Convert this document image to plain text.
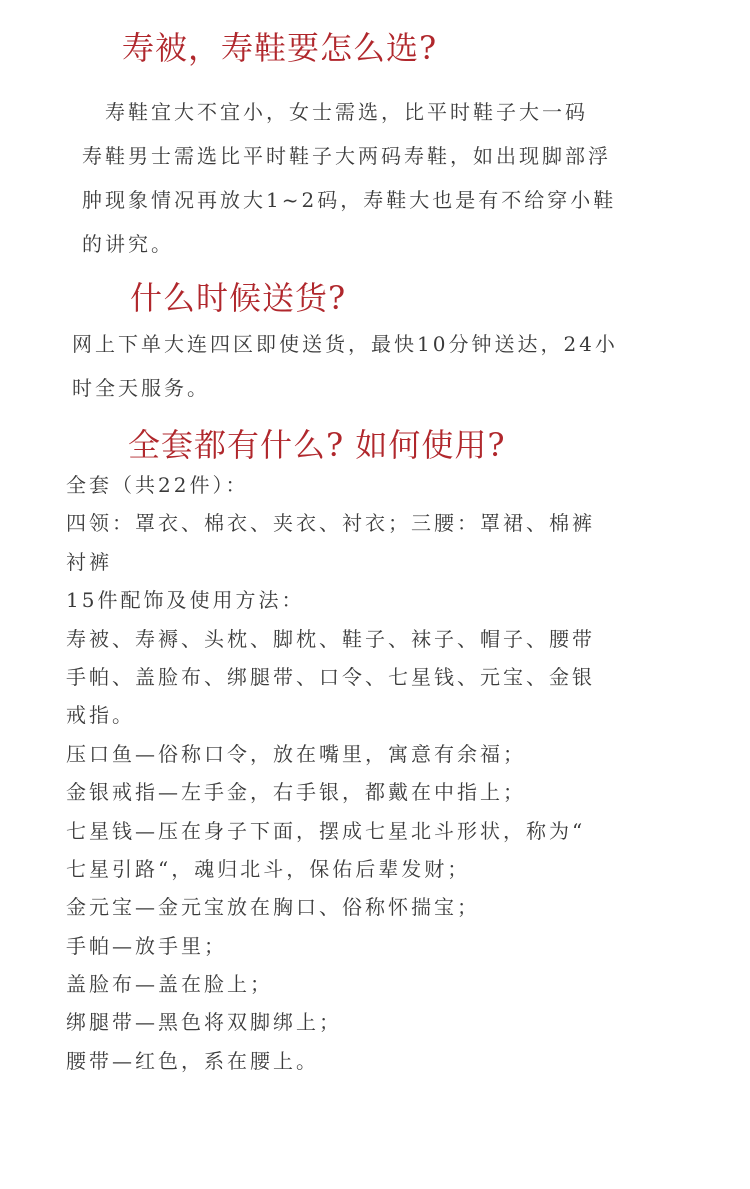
寿被，寿鞋要怎么选?
　寿鞋宜大不宜小，女士需选，比平时鞋子大一码
寿鞋男士需选比平时鞋子大两码寿鞋，如出现脚部浮
肿现象情况再放大1~2码，寿鞋大也是有不给穿小鞋
的讲究。
什么时候送货?
网上下单大连四区即使送货，最快10分钟送达，24小
时全天服务。
全套都有什么? 如何使用?
全套（共22件）：
四领：罩衣、棉衣、夹衣、衬衣；三腰：罩裙、棉裤
衬裤
15件配饰及使用方法：
寿被、寿褥、头枕、脚枕、鞋子、袜子、帽子、腰带
手帕、盖脸布、绑腿带、口令、七星钱、元宝、金银
戒指。
压口鱼—俗称口令，放在嘴里，寓意有余福；
金银戒指—左手金，右手银，都戴在中指上；
七星钱—压在身子下面，摆成七星北斗形状，称为“
七星引路“，魂归北斗，保佑后辈发财；
金元宝—金元宝放在胸口、俗称怀揣宝；
手帕—放手里；
盖脸布—盖在脸上；
绑腿带—黑色将双脚绑上；
腰带—红色，系在腰上。
